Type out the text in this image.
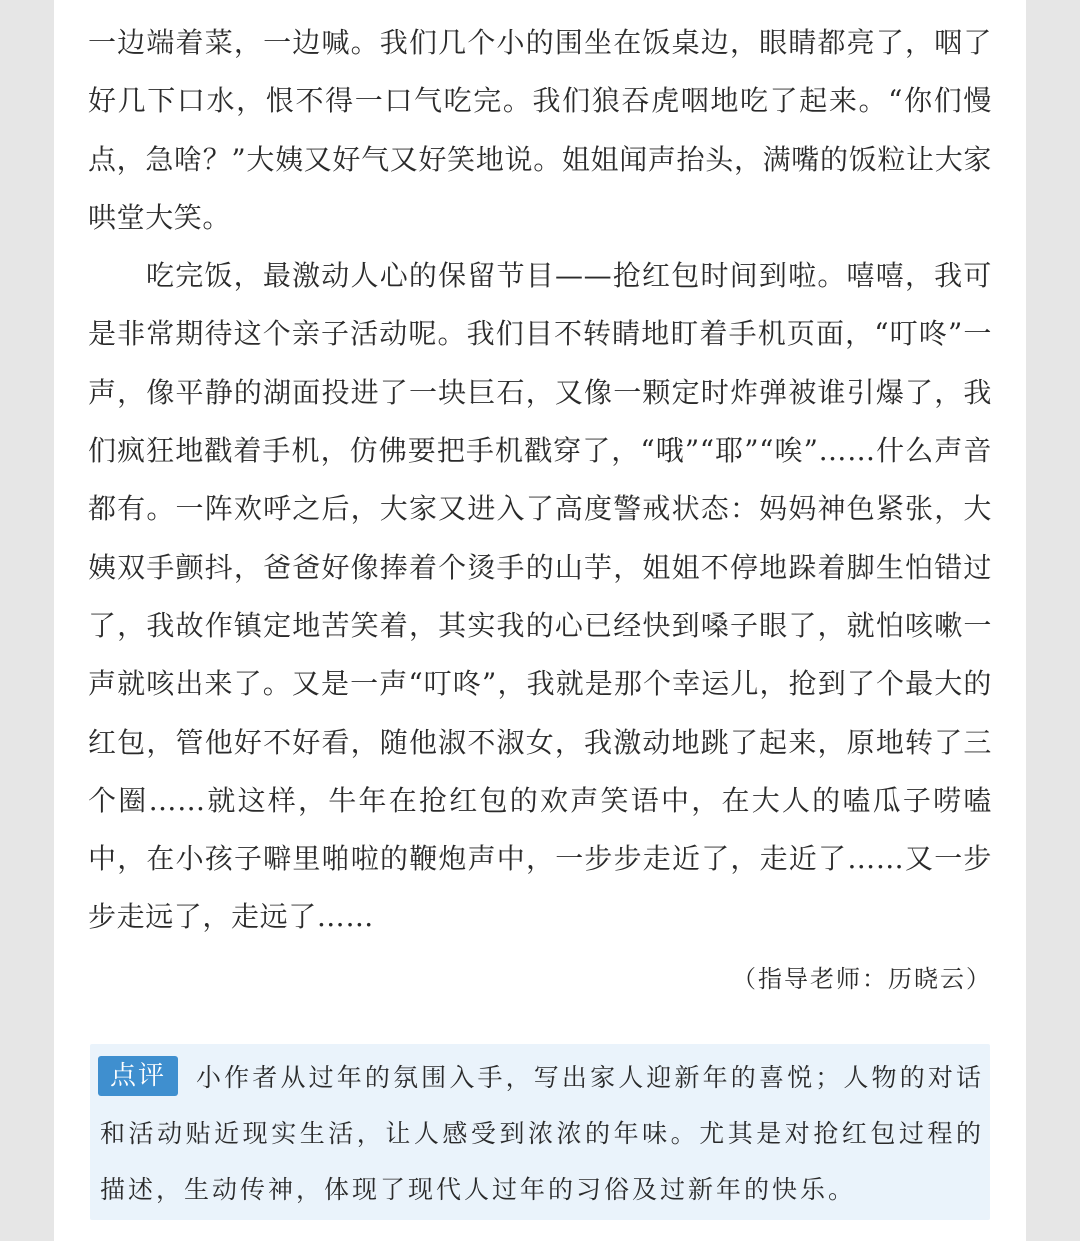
一边端着菜，一边喊。我们几个小的围坐在饭桌边，眼睛都亮了，咽了好几下口水，恨不得一口气吃完。我们狼吞虎咽地吃了起来。“你们慢点，急啥？”大姨又好气又好笑地说。姐姐闻声抬头，满嘴的饭粒让大家哄堂大笑。

吃完饭，最激动人心的保留节目——抢红包时间到啦。嘻嘻，我可是非常期待这个亲子活动呢。我们目不转睛地盯着手机页面，“叮咚”一声，像平静的湖面投进了一块巨石，又像一颗定时炸弹被谁引爆了，我们疯狂地戳着手机，仿佛要把手机戳穿了，“哦”“耶”“唉”……什么声音都有。一阵欢呼之后，大家又进入了高度警戒状态：妈妈神色紧张，大姨双手颤抖，爸爸好像捧着个烫手的山芋，姐姐不停地跺着脚生怕错过了，我故作镇定地苦笑着，其实我的心已经快到嗓子眼了，就怕咳嗽一声就咳出来了。又是一声“叮咚”，我就是那个幸运儿，抢到了个最大的红包，管他好不好看，随他淑不淑女，我激动地跳了起来，原地转了三个圈……就这样，牛年在抢红包的欢声笑语中，在大人的嗑瓜子唠嗑中，在小孩子噼里啪啦的鞭炮声中，一步步走近了，走近了……又一步步走远了，走远了……

（指导老师：历晓云）

小作者从过年的氛围入手，写出家人迎新年的喜悦；人物的对话和活动贴近现实生活，让人感受到浓浓的年味。尤其是对抢红包过程的描述，生动传神，体现了现代人过年的习俗及过新年的快乐。

点评
